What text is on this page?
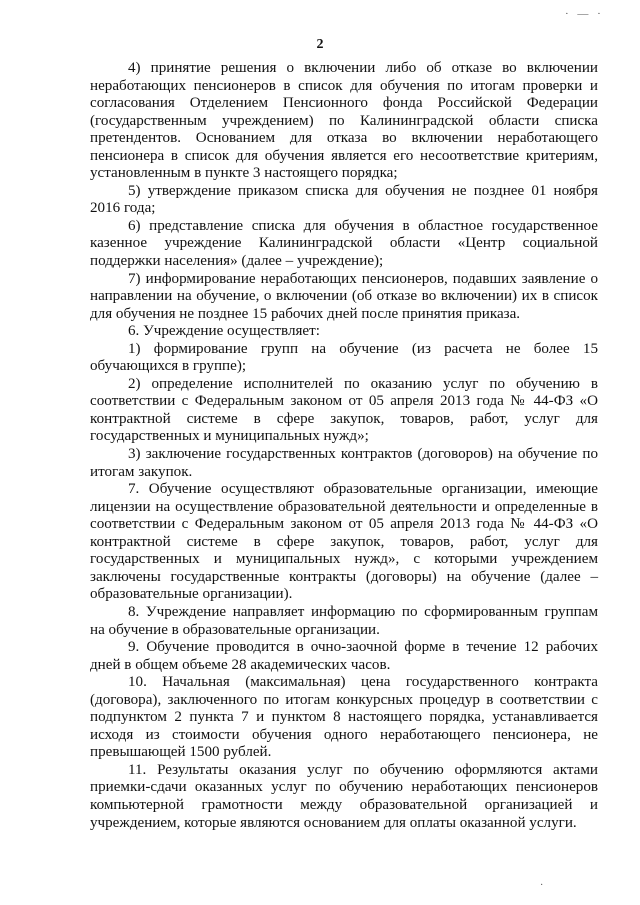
· — ·
2

4) принятие решения о включении либо об отказе во включении неработающих пенсионеров в список для обучения по итогам проверки и согласования Отделением Пенсионного фонда Российской Федерации (государственным учреждением) по Калининградской области списка претендентов. Основанием для отказа во включении неработающего пенсионера в список для обучения является его несоответствие критериям, установленным в пункте 3 настоящего порядка;

5) утверждение приказом списка для обучения не позднее 01 ноября 2016 года;

6) представление списка для обучения в областное государственное казенное учреждение Калининградской области «Центр социальной поддержки населения» (далее – учреждение);

7) информирование неработающих пенсионеров, подавших заявление о направлении на обучение, о включении (об отказе во включении) их в список для обучения не позднее 15 рабочих дней после принятия приказа.

6. Учреждение осуществляет:

1) формирование групп на обучение (из расчета не более 15 обучающихся в группе);

2) определение исполнителей по оказанию услуг по обучению в соответствии с Федеральным законом от 05 апреля 2013 года № 44-ФЗ «О контрактной системе в сфере закупок, товаров, работ, услуг для государственных и муниципальных нужд»;

3) заключение государственных контрактов (договоров) на обучение по итогам закупок.

7. Обучение осуществляют образовательные организации, имеющие лицензии на осуществление образовательной деятельности и определенные в соответствии с Федеральным законом от 05 апреля 2013 года № 44-ФЗ «О контрактной системе в сфере закупок, товаров, работ, услуг для государственных и муниципальных нужд», с которыми учреждением заключены государственные контракты (договоры) на обучение (далее – образовательные организации).

8. Учреждение направляет информацию по сформированным группам на обучение в образовательные организации.

9. Обучение проводится в очно-заочной форме в течение 12 рабочих дней в общем объеме 28 академических часов.

10. Начальная (максимальная) цена государственного контракта (договора), заключенного по итогам конкурсных процедур в соответствии с подпунктом 2 пункта 7 и пунктом 8 настоящего порядка, устанавливается исходя из стоимости обучения одного неработающего пенсионера, не превышающей 1500 рублей.

11. Результаты оказания услуг по обучению оформляются актами приемки-сдачи оказанных услуг по обучению неработающих пенсионеров компьютерной грамотности между образовательной организацией и учреждением, которые являются основанием для оплаты оказанной услуги.

·
